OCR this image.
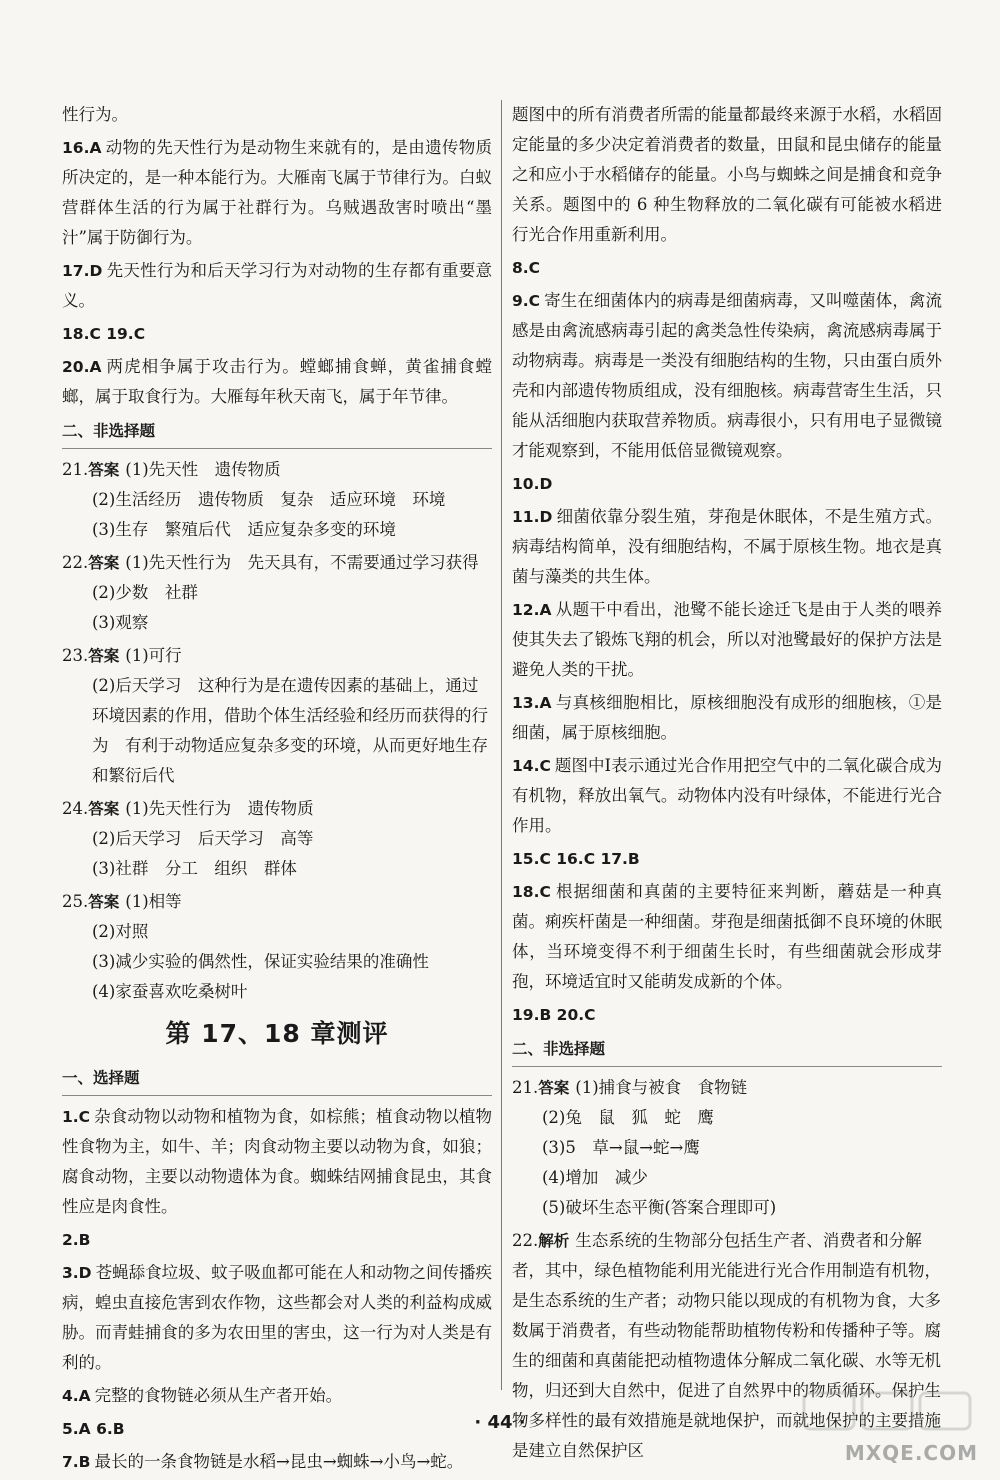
性行为。
16.A 动物的先天性行为是动物生来就有的，是由遗传物质所决定的，是一种本能行为。大雁南飞属于节律行为。白蚁营群体生活的行为属于社群行为。乌贼遇敌害时喷出“墨汁”属于防御行为。
17.D 先天性行为和后天学习行为对动物的生存都有重要意义。
18.C 19.C
20.A 两虎相争属于攻击行为。螳螂捕食蝉，黄雀捕食螳螂，属于取食行为。大雁每年秋天南飞，属于年节律。
二、非选择题
21.答案 (1)先天性　遗传物质
(2)生活经历　遗传物质　复杂　适应环境　环境
(3)生存　繁殖后代　适应复杂多变的环境
22.答案 (1)先天性行为　先天具有，不需要通过学习获得
(2)少数　社群
(3)观察
23.答案 (1)可行
(2)后天学习　这种行为是在遗传因素的基础上，通过环境因素的作用，借助个体生活经验和经历而获得的行为　有利于动物适应复杂多变的环境，从而更好地生存和繁衍后代
24.答案 (1)先天性行为　遗传物质
(2)后天学习　后天学习　高等
(3)社群　分工　组织　群体
25.答案 (1)相等
(2)对照
(3)减少实验的偶然性，保证实验结果的准确性
(4)家蚕喜欢吃桑树叶
第 17、18 章测评
一、选择题
1.C 杂食动物以动物和植物为食，如棕熊；植食动物以植物性食物为主，如牛、羊；肉食动物主要以动物为食，如狼；腐食动物，主要以动物遗体为食。蜘蛛结网捕食昆虫，其食性应是肉食性。
2.B
3.D 苍蝇舔食垃圾、蚊子吸血都可能在人和动物之间传播疾病，蝗虫直接危害到农作物，这些都会对人类的利益构成威胁。而青蛙捕食的多为农田里的害虫，这一行为对人类是有利的。
4.A 完整的食物链必须从生产者开始。
5.A 6.B
7.B 最长的一条食物链是水稻→昆虫→蜘蛛→小鸟→蛇。
题图中的所有消费者所需的能量都最终来源于水稻，水稻固定能量的多少决定着消费者的数量，田鼠和昆虫储存的能量之和应小于水稻储存的能量。小鸟与蜘蛛之间是捕食和竞争关系。题图中的 6 种生物释放的二氧化碳有可能被水稻进行光合作用重新利用。
8.C
9.C 寄生在细菌体内的病毒是细菌病毒，又叫噬菌体，禽流感是由禽流感病毒引起的禽类急性传染病，禽流感病毒属于动物病毒。病毒是一类没有细胞结构的生物，只由蛋白质外壳和内部遗传物质组成，没有细胞核。病毒营寄生生活，只能从活细胞内获取营养物质。病毒很小，只有用电子显微镜才能观察到，不能用低倍显微镜观察。
10.D
11.D 细菌依靠分裂生殖，芽孢是休眠体，不是生殖方式。病毒结构简单，没有细胞结构，不属于原核生物。地衣是真菌与藻类的共生体。
12.A 从题干中看出，池鹭不能长途迁飞是由于人类的喂养使其失去了锻炼飞翔的机会，所以对池鹭最好的保护方法是避免人类的干扰。
13.A 与真核细胞相比，原核细胞没有成形的细胞核，①是细菌，属于原核细胞。
14.C 题图中Ⅰ表示通过光合作用把空气中的二氧化碳合成为有机物，释放出氧气。动物体内没有叶绿体，不能进行光合作用。
15.C 16.C 17.B
18.C 根据细菌和真菌的主要特征来判断，蘑菇是一种真菌。痢疾杆菌是一种细菌。芽孢是细菌抵御不良环境的休眠体，当环境变得不利于细菌生长时，有些细菌就会形成芽孢，环境适宜时又能萌发成新的个体。
19.B 20.C
二、非选择题
21.答案 (1)捕食与被食　食物链
(2)兔　鼠　狐　蛇　鹰
(3)5　草→鼠→蛇→鹰
(4)增加　减少
(5)破坏生态平衡(答案合理即可)
22.解析 生态系统的生物部分包括生产者、消费者和分解者，其中，绿色植物能利用光能进行光合作用制造有机物，是生态系统的生产者；动物只能以现成的有机物为食，大多数属于消费者，有些动物能帮助植物传粉和传播种子等。腐生的细菌和真菌能把动植物遗体分解成二氧化碳、水等无机物，归还到大自然中，促进了自然界中的物质循环。保护生物多样性的最有效措施是就地保护，而就地保护的主要措施是建立自然保护区
· 44 ·
MXQE.COM
